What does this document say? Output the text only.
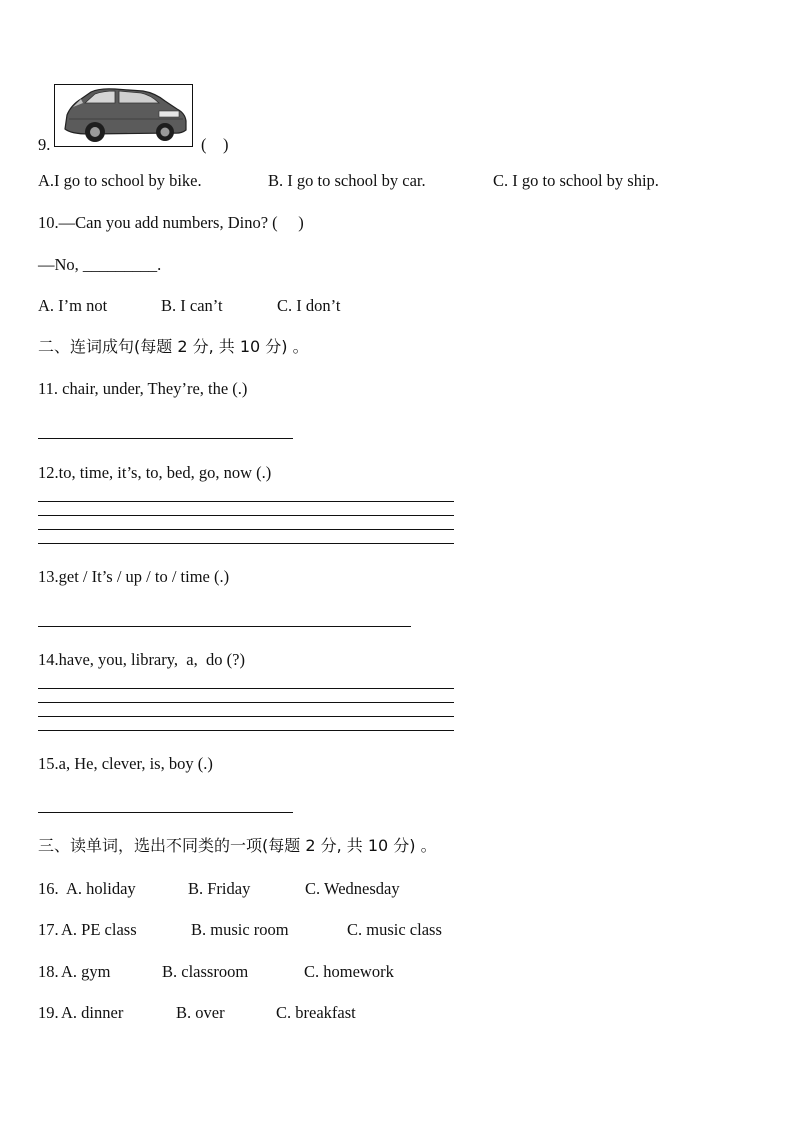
9.	(    )
A.I go to school by bike.	B. I go to school by car.	C. I go to school by ship.
10.—Can you add numbers, Dino? (     )
—No, _________.
A. I’m not	B. I can’t	C. I don’t
二、连词成句(每题 2 分, 共 10 分) 。
11. chair, under, They’re, the (.)
12.to, time, it’s, to, bed, go, now (.)
13.get / It’s / up / to / time (.)
14.have, you, library,  a,  do (?)
15.a, He, clever, is, boy (.)
三、读单词，选出不同类的一项(每题 2 分, 共 10 分) 。
16. A. holiday	B. Friday	C. Wednesday
17. A. PE class	B. music room	C. music class
18. A. gym	B. classroom	C. homework
19. A. dinner	B. over	C. breakfast
